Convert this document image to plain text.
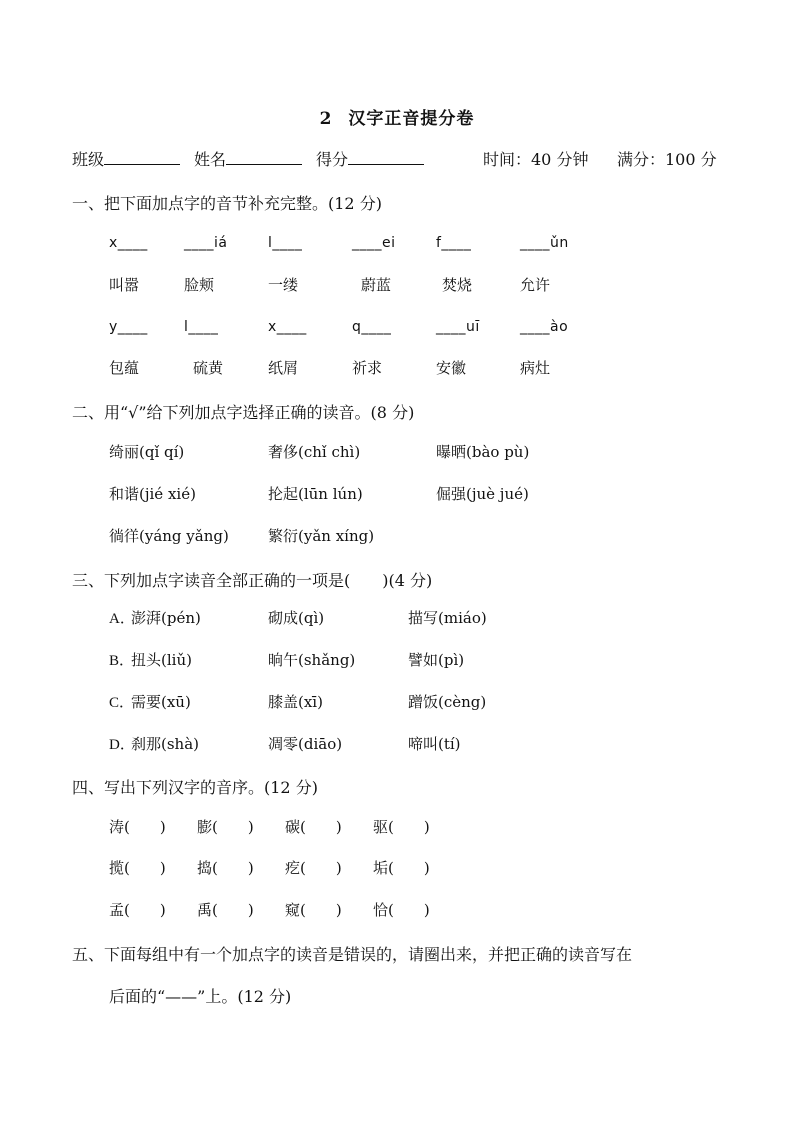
2 汉字正音提分卷
班级	姓名	得分	时间：40 分钟 满分：100 分
一、把下面加点字的音节补充完整。(12 分)
x____	____iá	l____	____ei	f____	____ǔn
叫嚣	脸颊	一缕	蔚蓝	焚烧	允许
y____	l____	x____	q____	____uī	____ào
包蕴	硫黄	纸屑	祈求	安徽	病灶
二、用“√”给下列加点字选择正确的读音。(8 分)
绮丽(qǐ qí)	奢侈(chǐ chì)	曝晒(bào pù)
和谐(jié xié)	抡起(lūn lún)	倔强(juè jué)
徜徉(yáng yǎng)	繁衍(yǎn xíng)
三、下列加点字读音全部正确的一项是(　　)(4 分)
A．澎湃(pén)	砌成(qì)	描写(miáo)
B．扭头(liǔ)	晌午(shǎng)	譬如(pì)
C．需要(xū)	膝盖(xī)	蹭饭(cèng)
D．刹那(shà)	凋零(diāo)	啼叫(tí)
四、写出下列汉字的音序。(12 分)
涛(　　) 膨(　　) 碳(　　) 驱(　　)
揽(　　) 捣(　　) 疙(　　) 垢(　　)
孟(　　) 禹(　　) 窥(　　) 恰(　　)
五、下面每组中有一个加点字的读音是错误的，请圈出来，并把正确的读音写在
后面的“——”上。(12 分)
